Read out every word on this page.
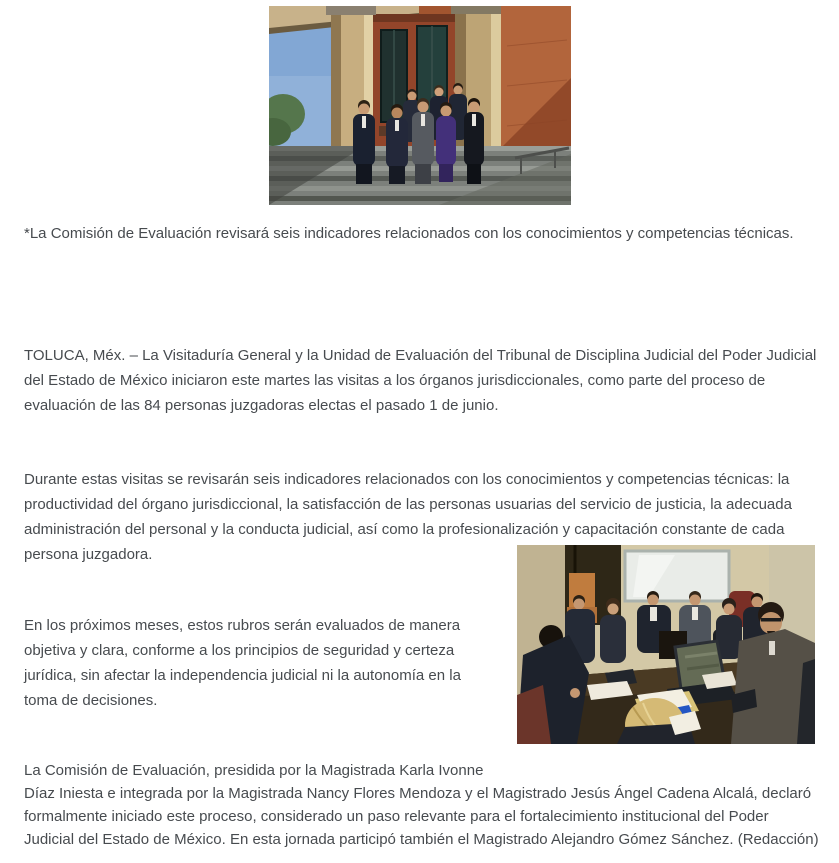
*La Comisión de Evaluación revisará seis indicadores relacionados con los conocimientos y competencias técnicas.
TOLUCA, Méx. – La Visitaduría General y la Unidad de Evaluación del Tribunal de Disciplina Judicial del Poder Judicial
del Estado de México iniciaron este martes las visitas a los órganos jurisdiccionales, como parte del proceso de
evaluación de las 84 personas juzgadoras electas el pasado 1 de junio.
Durante estas visitas se revisarán seis indicadores relacionados con los conocimientos y competencias técnicas: la
productividad del órgano jurisdiccional, la satisfacción de las personas usuarias del servicio de justicia, la adecuada
administración del personal y la conducta judicial, así como la profesionalización y capacitación constante de cada
persona juzgadora.
En los próximos meses, estos rubros serán evaluados de manera
objetiva y clara, conforme a los principios de seguridad y certeza
jurídica, sin afectar la independencia judicial ni la autonomía en la
toma de decisiones.
La Comisión de Evaluación, presidida por la Magistrada Karla Ivonne
Díaz Iniesta e integrada por la Magistrada Nancy Flores Mendoza y el Magistrado Jesús Ángel Cadena Alcalá, declaró
formalmente iniciado este proceso, considerado un paso relevante para el fortalecimiento institucional del Poder
Judicial del Estado de México. En esta jornada participó también el Magistrado Alejandro Gómez Sánchez. (Redacción)
